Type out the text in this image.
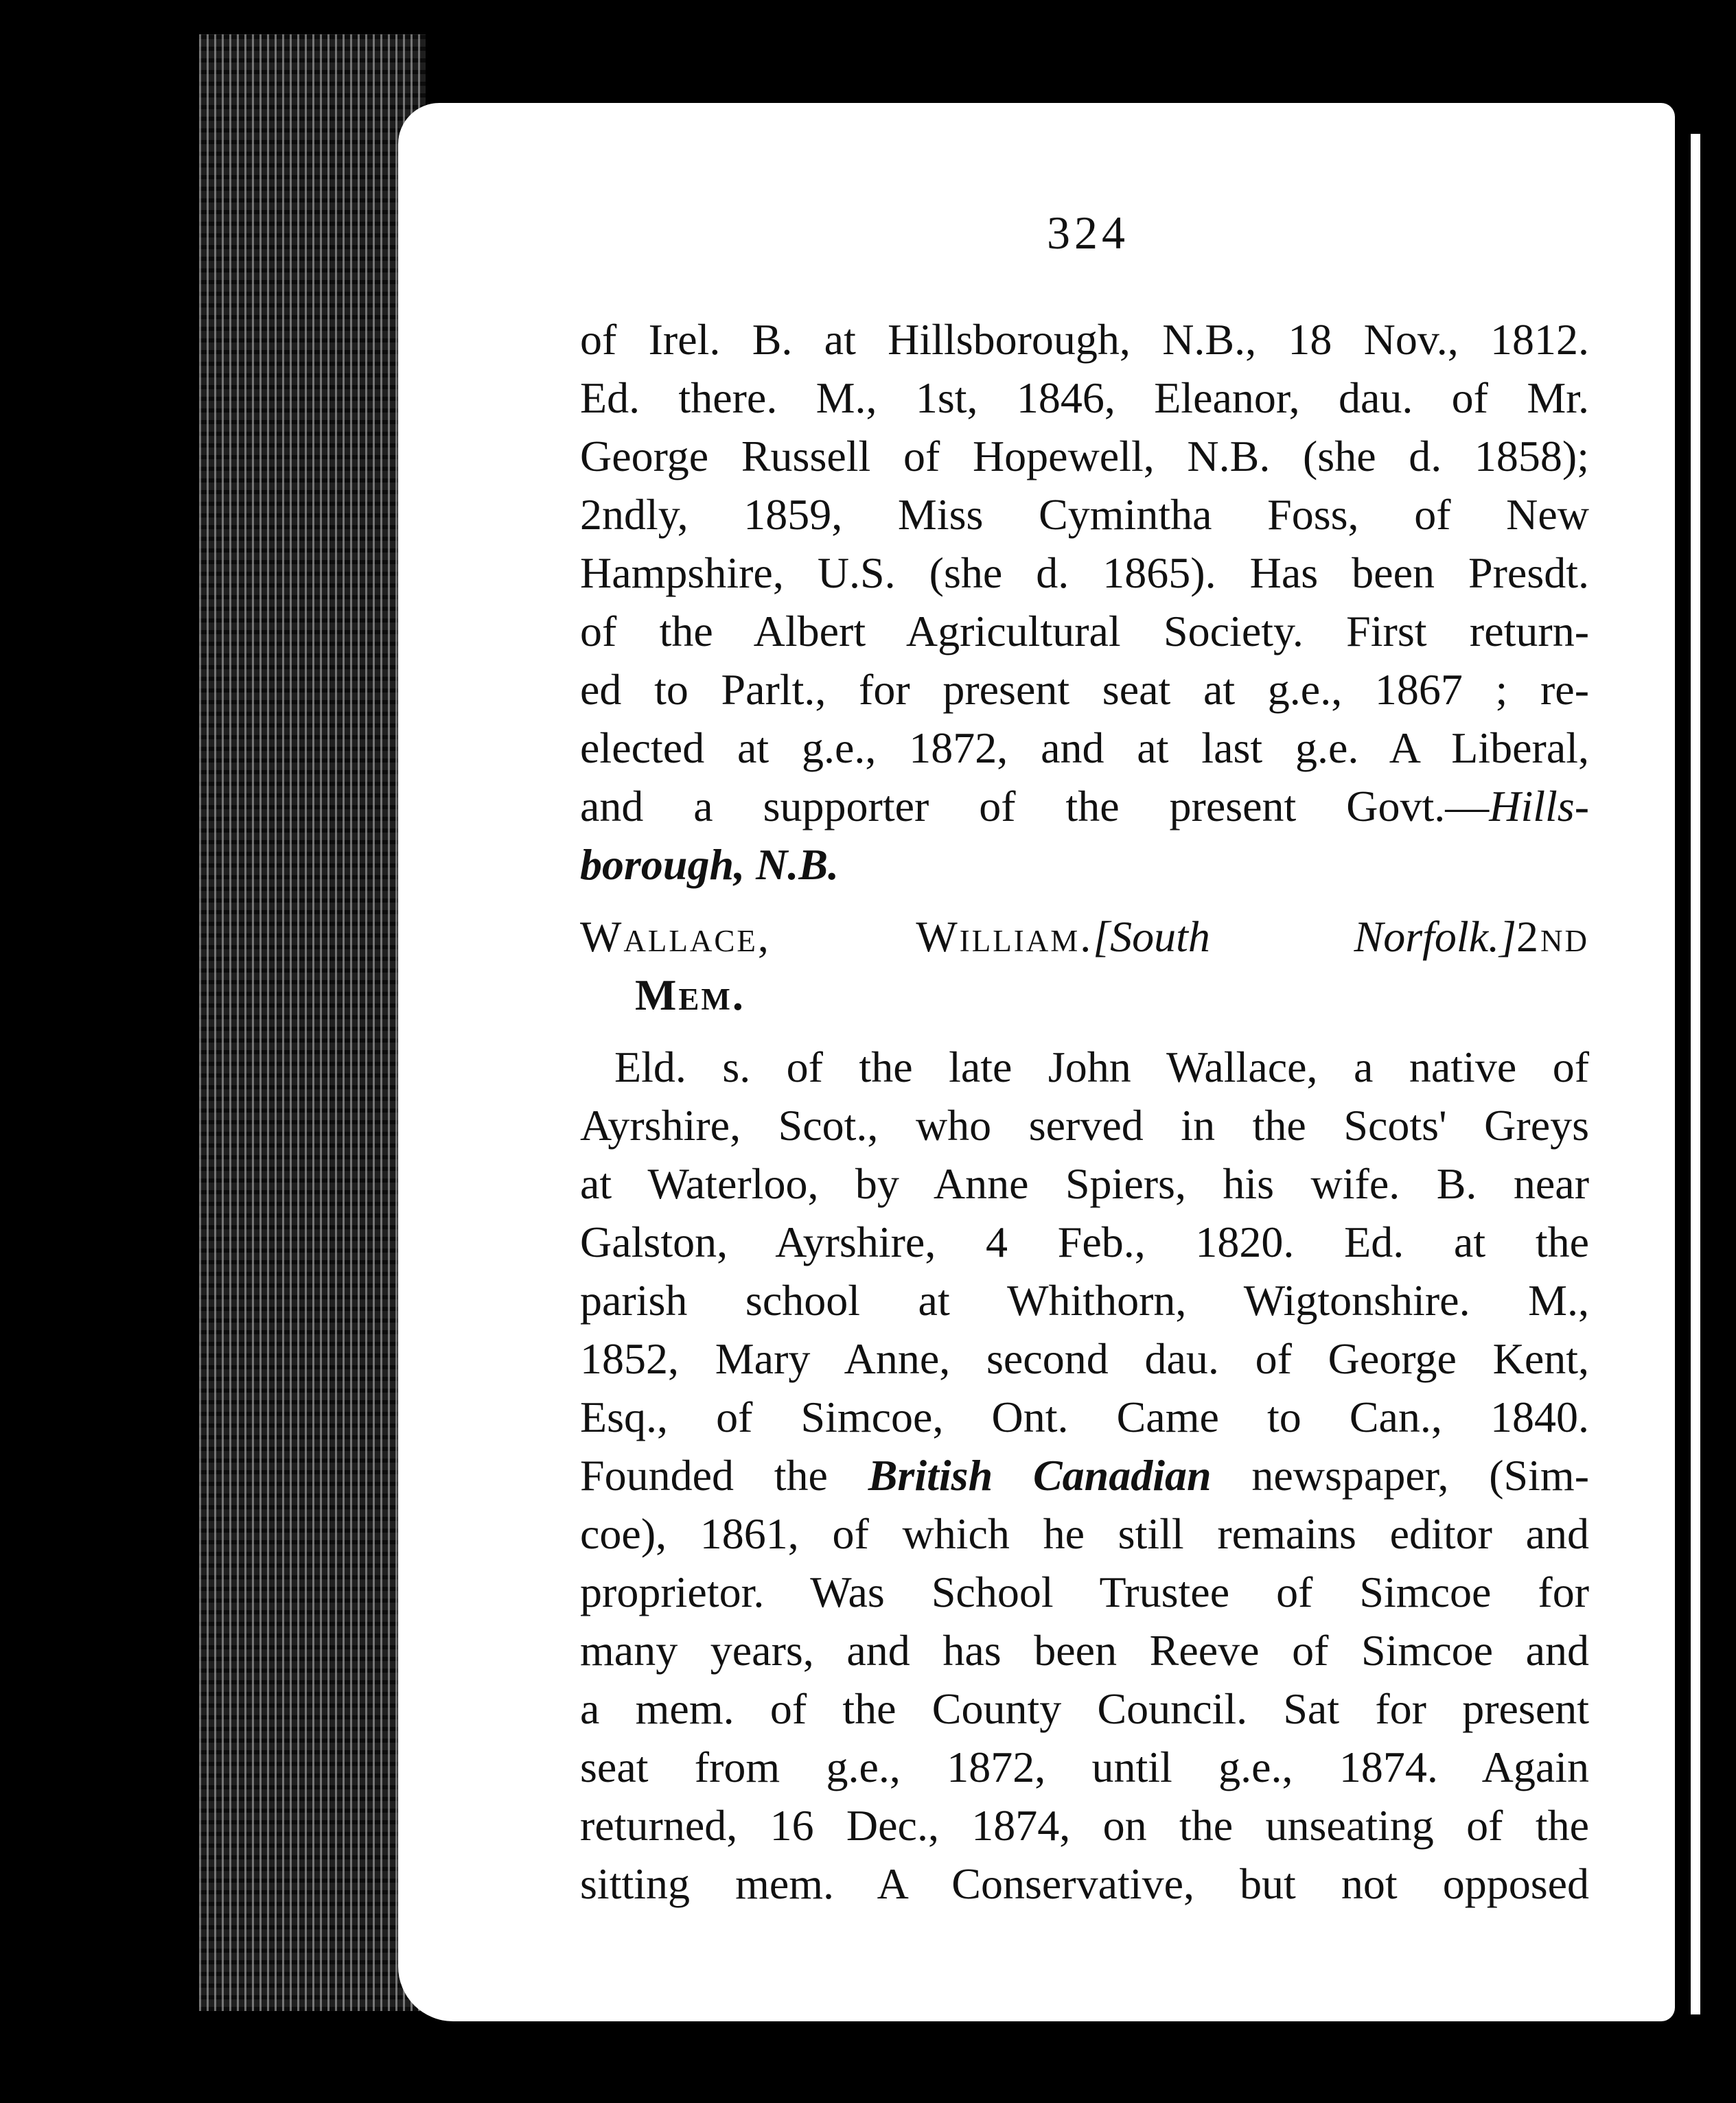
324
of Irel. B. at Hillsborough, N.B., 18 Nov., 1812.
Ed. there. M., 1st, 1846, Eleanor, dau. of Mr.
George Russell of Hopewell, N.B. (she d. 1858);
2ndly, 1859, Miss Cymintha Foss, of New
Hampshire, U.S. (she d. 1865). Has been Presdt.
of the Albert Agricultural Society. First return-
ed to Parlt., for present seat at g.e., 1867 ; re-
elected at g.e., 1872, and at last g.e. A Liberal,
and a supporter of the present Govt.—Hills-
borough, N.B.
Wallace, William.[South Norfolk.]2nd
Mem.
Eld. s. of the late John Wallace, a native of
Ayrshire, Scot., who served in the Scots' Greys
at Waterloo, by Anne Spiers, his wife. B. near
Galston, Ayrshire, 4 Feb., 1820. Ed. at the
parish school at Whithorn, Wigtonshire. M.,
1852, Mary Anne, second dau. of George Kent,
Esq., of Simcoe, Ont. Came to Can., 1840.
Founded the British Canadian newspaper, (Sim-
coe), 1861, of which he still remains editor and
proprietor. Was School Trustee of Simcoe for
many years, and has been Reeve of Simcoe and
a mem. of the County Council. Sat for present
seat from g.e., 1872, until g.e., 1874. Again
returned, 16 Dec., 1874, on the unseating of the
sitting mem. A Conservative, but not opposed
